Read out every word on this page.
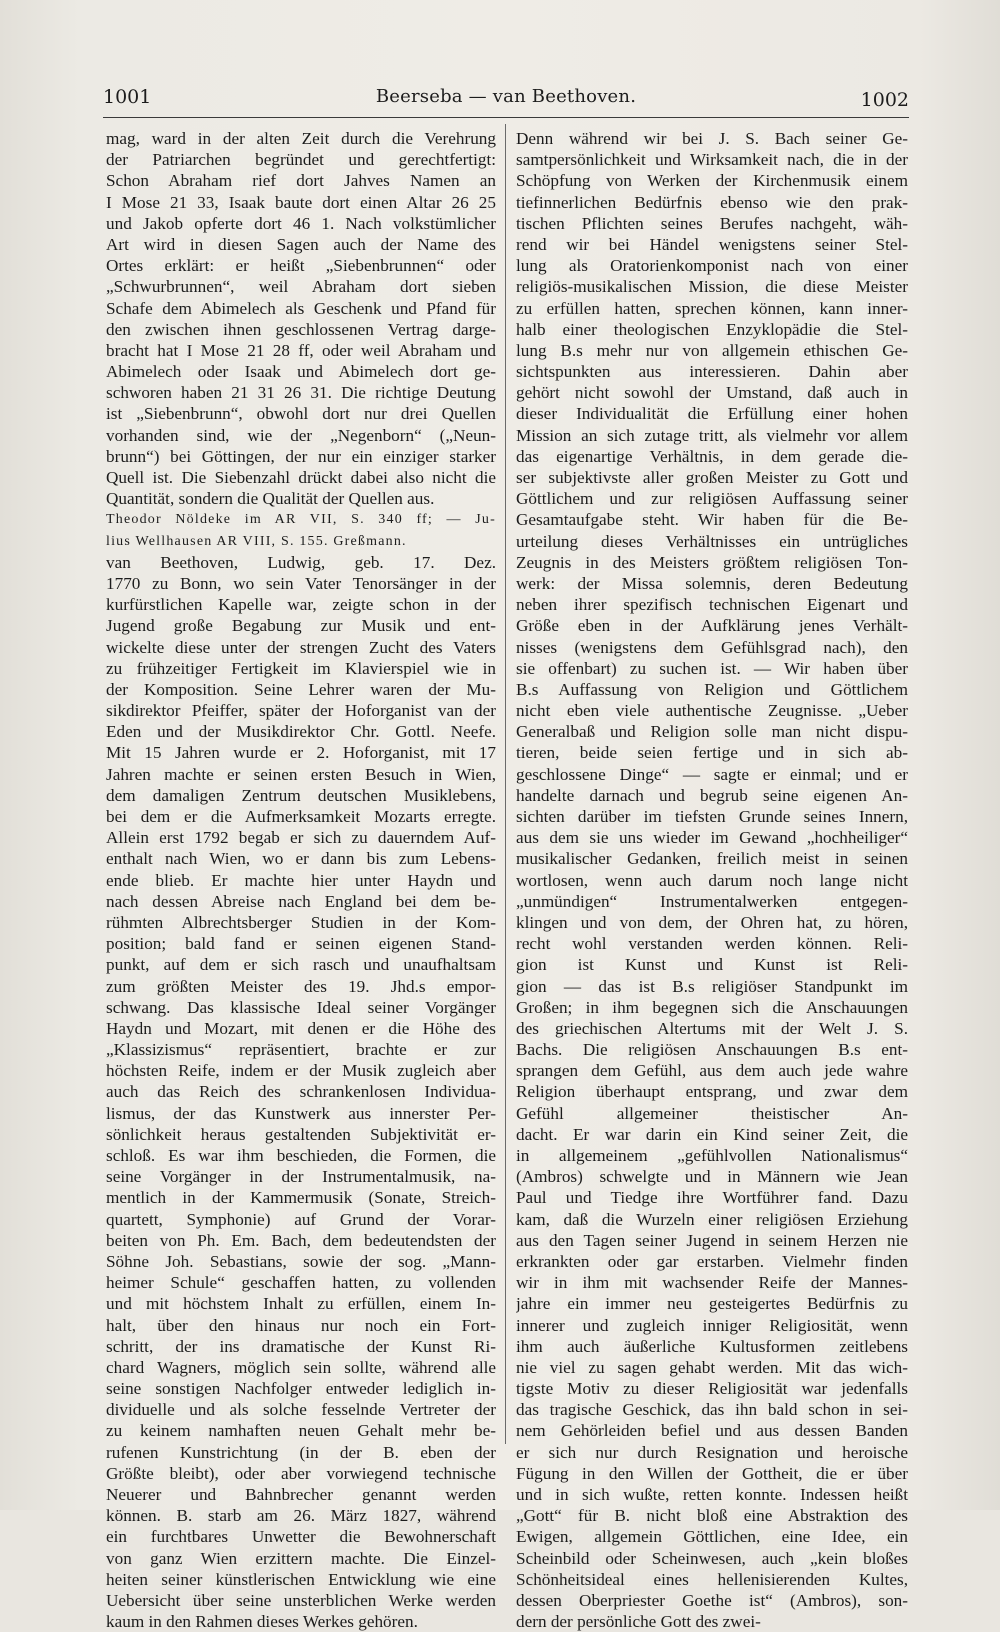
1001	Beerseba — van Beethoven.	1002
mag, ward in der alten Zeit durch die Verehrung
der Patriarchen begründet und gerechtfertigt:
Schon Abraham rief dort Jahves Namen an
I Mose 21 33, Isaak baute dort einen Altar 26 25
und Jakob opferte dort 46 1. Nach volkstümlicher
Art wird in diesen Sagen auch der Name des
Ortes erklärt: er heißt „Siebenbrunnen“ oder
„Schwurbrunnen“, weil Abraham dort sieben
Schafe dem Abimelech als Geschenk und Pfand für
den zwischen ihnen geschlossenen Vertrag darge-
bracht hat I Mose 21 28 ff, oder weil Abraham und
Abimelech oder Isaak und Abimelech dort ge-
schworen haben 21 31 26 31. Die richtige Deutung
ist „Siebenbrunn“, obwohl dort nur drei Quellen
vorhanden sind, wie der „Negenborn“ („Neun-
brunn“) bei Göttingen, der nur ein einziger starker
Quell ist. Die Siebenzahl drückt dabei also nicht die
Quantität, sondern die Qualität der Quellen aus.
Theodor Nöldeke im AR VII, S. 340 ff; — Ju-
lius Wellhausen AR VIII, S. 155. Greßmann.
van Beethoven, Ludwig, geb. 17. Dez.
1770 zu Bonn, wo sein Vater Tenorsänger in der
kurfürstlichen Kapelle war, zeigte schon in der
Jugend große Begabung zur Musik und ent-
wickelte diese unter der strengen Zucht des Vaters
zu frühzeitiger Fertigkeit im Klavierspiel wie in
der Komposition. Seine Lehrer waren der Mu-
sikdirektor Pfeiffer, später der Hoforganist van der
Eden und der Musikdirektor Chr. Gottl. Neefe.
Mit 15 Jahren wurde er 2. Hoforganist, mit 17
Jahren machte er seinen ersten Besuch in Wien,
dem damaligen Zentrum deutschen Musiklebens,
bei dem er die Aufmerksamkeit Mozarts erregte.
Allein erst 1792 begab er sich zu dauerndem Auf-
enthalt nach Wien, wo er dann bis zum Lebens-
ende blieb. Er machte hier unter Haydn und
nach dessen Abreise nach England bei dem be-
rühmten Albrechtsberger Studien in der Kom-
position; bald fand er seinen eigenen Stand-
punkt, auf dem er sich rasch und unaufhaltsam
zum größten Meister des 19. Jhd.s empor-
schwang. Das klassische Ideal seiner Vorgänger
Haydn und Mozart, mit denen er die Höhe des
„Klassizismus“ repräsentiert, brachte er zur
höchsten Reife, indem er der Musik zugleich aber
auch das Reich des schrankenlosen Individua-
lismus, der das Kunstwerk aus innerster Per-
sönlichkeit heraus gestaltenden Subjektivität er-
schloß. Es war ihm beschieden, die Formen, die
seine Vorgänger in der Instrumentalmusik, na-
mentlich in der Kammermusik (Sonate, Streich-
quartett, Symphonie) auf Grund der Vorar-
beiten von Ph. Em. Bach, dem bedeutendsten der
Söhne Joh. Sebastians, sowie der sog. „Mann-
heimer Schule“ geschaffen hatten, zu vollenden
und mit höchstem Inhalt zu erfüllen, einem In-
halt, über den hinaus nur noch ein Fort-
schritt, der ins dramatische der Kunst Ri-
chard Wagners, möglich sein sollte, während alle
seine sonstigen Nachfolger entweder lediglich in-
dividuelle und als solche fesselnde Vertreter der
zu keinem namhaften neuen Gehalt mehr be-
rufenen Kunstrichtung (in der B. eben der
Größte bleibt), oder aber vorwiegend technische
Neuerer und Bahnbrecher genannt werden
können. B. starb am 26. März 1827, während
ein furchtbares Unwetter die Bewohnerschaft
von ganz Wien erzittern machte. Die Einzel-
heiten seiner künstlerischen Entwicklung wie eine
Uebersicht über seine unsterblichen Werke werden
kaum in den Rahmen dieses Werkes gehören.
Denn während wir bei J. S. Bach seiner Ge-
samtpersönlichkeit und Wirksamkeit nach, die in der
Schöpfung von Werken der Kirchenmusik einem
tiefinnerlichen Bedürfnis ebenso wie den prak-
tischen Pflichten seines Berufes nachgeht, wäh-
rend wir bei Händel wenigstens seiner Stel-
lung als Oratorienkomponist nach von einer
religiös-musikalischen Mission, die diese Meister
zu erfüllen hatten, sprechen können, kann inner-
halb einer theologischen Enzyklopädie die Stel-
lung B.s mehr nur von allgemein ethischen Ge-
sichtspunkten aus interessieren. Dahin aber
gehört nicht sowohl der Umstand, daß auch in
dieser Individualität die Erfüllung einer hohen
Mission an sich zutage tritt, als vielmehr vor allem
das eigenartige Verhältnis, in dem gerade die-
ser subjektivste aller großen Meister zu Gott und
Göttlichem und zur religiösen Auffassung seiner
Gesamtaufgabe steht. Wir haben für die Be-
urteilung dieses Verhältnisses ein untrügliches
Zeugnis in des Meisters größtem religiösen Ton-
werk: der Missa solemnis, deren Bedeutung
neben ihrer spezifisch technischen Eigenart und
Größe eben in der Aufklärung jenes Verhält-
nisses (wenigstens dem Gefühlsgrad nach), den
sie offenbart) zu suchen ist. — Wir haben über
B.s Auffassung von Religion und Göttlichem
nicht eben viele authentische Zeugnisse. „Ueber
Generalbaß und Religion solle man nicht dispu-
tieren, beide seien fertige und in sich ab-
geschlossene Dinge“ — sagte er einmal; und er
handelte darnach und begrub seine eigenen An-
sichten darüber im tiefsten Grunde seines Innern,
aus dem sie uns wieder im Gewand „hochheiliger“
musikalischer Gedanken, freilich meist in seinen
wortlosen, wenn auch darum noch lange nicht
„unmündigen“ Instrumentalwerken entgegen-
klingen und von dem, der Ohren hat, zu hören,
recht wohl verstanden werden können. Reli-
gion ist Kunst und Kunst ist Reli-
gion — das ist B.s religiöser Standpunkt im
Großen; in ihm begegnen sich die Anschauungen
des griechischen Altertums mit der Welt J. S.
Bachs. Die religiösen Anschauungen B.s ent-
sprangen dem Gefühl, aus dem auch jede wahre
Religion überhaupt entsprang, und zwar dem
Gefühl allgemeiner theistischer An-
dacht. Er war darin ein Kind seiner Zeit, die
in allgemeinem „gefühlvollen Nationalismus“
(Ambros) schwelgte und in Männern wie Jean
Paul und Tiedge ihre Wortführer fand. Dazu
kam, daß die Wurzeln einer religiösen Erziehung
aus den Tagen seiner Jugend in seinem Herzen nie
erkrankten oder gar erstarben. Vielmehr finden
wir in ihm mit wachsender Reife der Mannes-
jahre ein immer neu gesteigertes Bedürfnis zu
innerer und zugleich inniger Religiosität, wenn
ihm auch äußerliche Kultusformen zeitlebens
nie viel zu sagen gehabt werden. Mit das wich-
tigste Motiv zu dieser Religiosität war jedenfalls
das tragische Geschick, das ihn bald schon in sei-
nem Gehörleiden befiel und aus dessen Banden
er sich nur durch Resignation und heroische
Fügung in den Willen der Gottheit, die er über
und in sich wußte, retten konnte. Indessen heißt
„Gott“ für B. nicht bloß eine Abstraktion des
Ewigen, allgemein Göttlichen, eine Idee, ein
Scheinbild oder Scheinwesen, auch „kein bloßes
Schönheitsideal eines hellenisierenden Kultes,
dessen Oberpriester Goethe ist“ (Ambros), son-
dern der persönliche Gott des zwei-
